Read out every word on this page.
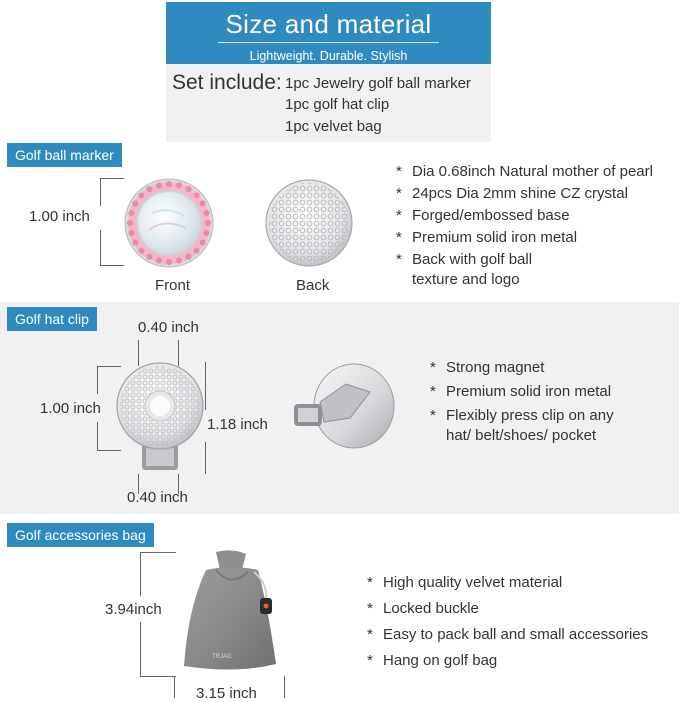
Size and material
Lightweight. Durable. Stylish
Set include: 1pc Jewelry golf ball marker
1pc golf hat clip
1pc velvet bag
Golf ball marker
1.00 inch
Front	Back
* Dia 0.68inch Natural mother of pearl
* 24pcs Dia 2mm shine CZ crystal
* Forged/embossed base
* Premium solid iron metal
* Back with golf ball
texture and logo
Golf hat clip	0.40 inch
1.00 inch
1.18 inch
0.40 inch
* Strong magnet
* Premium solid iron metal
* Flexibly press clip on any
hat/ belt/shoes/ pocket
Golf accessories bag
3.94inch
TRJAG
3.15 inch
* High quality velvet material
* Locked buckle
* Easy to pack ball and small accessories
* Hang on golf bag
